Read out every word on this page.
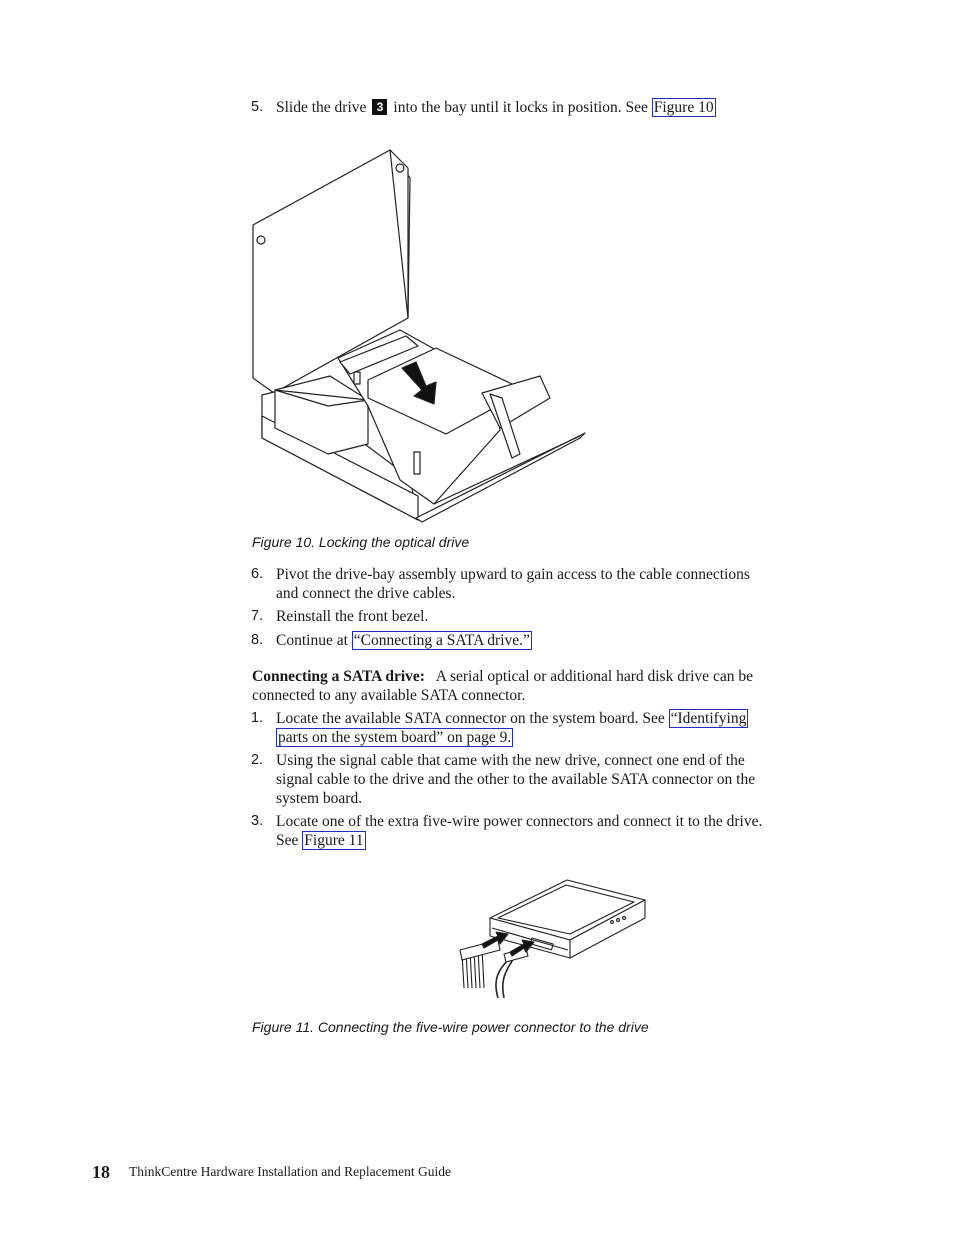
5. Slide the drive 3 into the bay until it locks in position. See Figure 10
Figure 10. Locking the optical drive
6. Pivot the drive-bay assembly upward to gain access to the cable connections
and connect the drive cables.
7. Reinstall the front bezel.
8. Continue at “Connecting a SATA drive.”
Connecting a SATA drive: A serial optical or additional hard disk drive can be
connected to any available SATA connector.
1. Locate the available SATA connector on the system board. See “Identifying
parts on the system board” on page 9.
2. Using the signal cable that came with the new drive, connect one end of the
signal cable to the drive and the other to the available SATA connector on the
system board.
3. Locate one of the extra five-wire power connectors and connect it to the drive.
See Figure 11
Figure 11. Connecting the five-wire power connector to the drive
18 ThinkCentre Hardware Installation and Replacement Guide
